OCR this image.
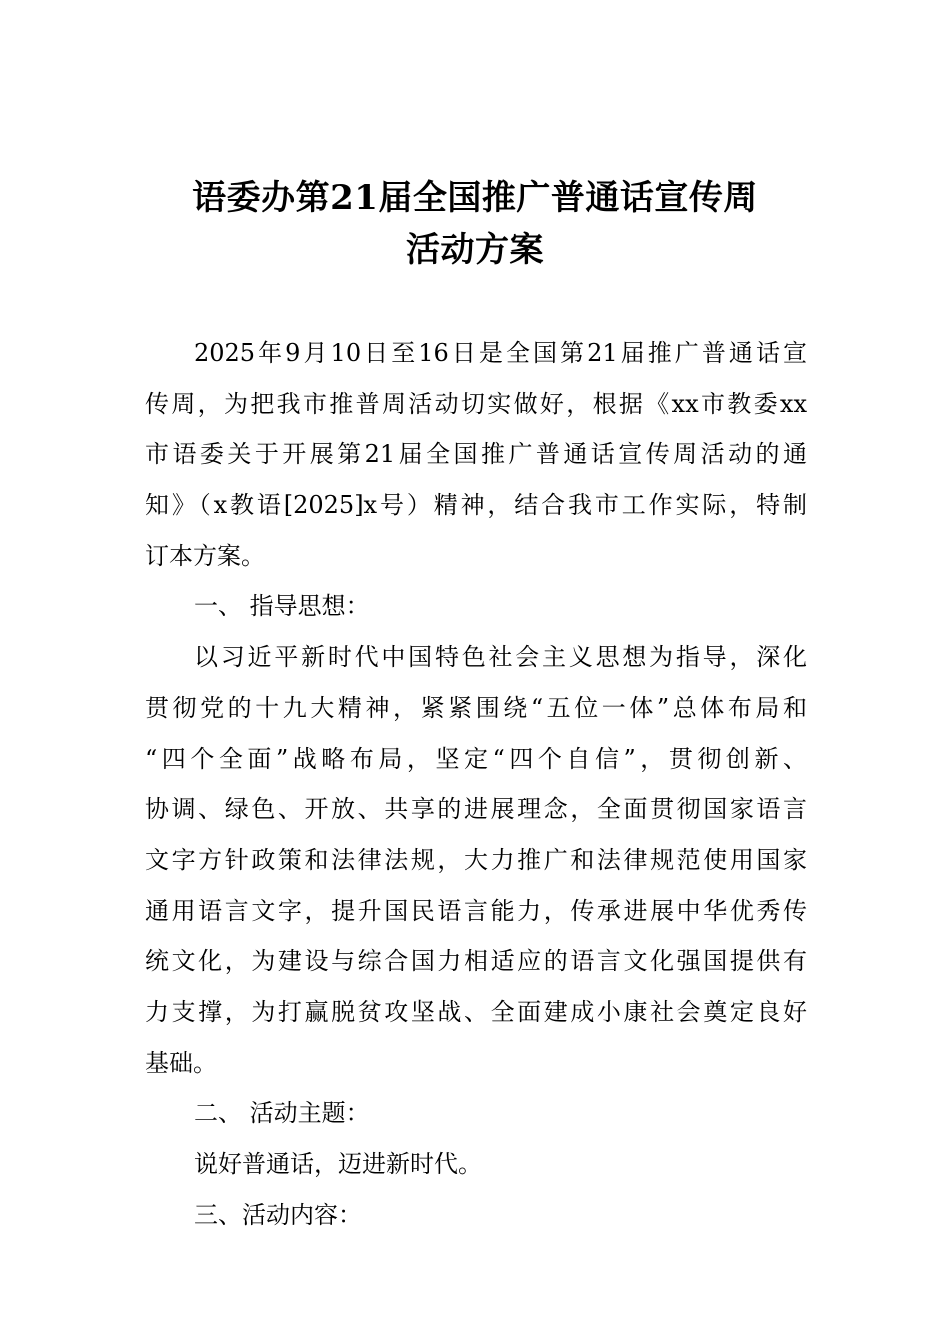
语委办第21届全国推广普通话宣传周
活动方案
2025年9月10日至16日是全国第21届推广普通话宣
传周，为把我市推普周活动切实做好，根据《xx市教委xx
市语委关于开展第21届全国推广普通话宣传周活动的通
知》（x教语[2025]x号）精神，结合我市工作实际，特制
订本方案。
一、 指导思想：
以习近平新时代中国特色社会主义思想为指导，深化
贯彻党的十九大精神，紧紧围绕“五位一体”总体布局和
“四个全面”战略布局，坚定“四个自信”，贯彻创新、
协调、绿色、开放、共享的进展理念，全面贯彻国家语言
文字方针政策和法律法规，大力推广和法律规范使用国家
通用语言文字，提升国民语言能力，传承进展中华优秀传
统文化，为建设与综合国力相适应的语言文化强国提供有
力支撑，为打赢脱贫攻坚战、全面建成小康社会奠定良好
基础。
二、 活动主题：
说好普通话，迈进新时代。
三、活动内容：
